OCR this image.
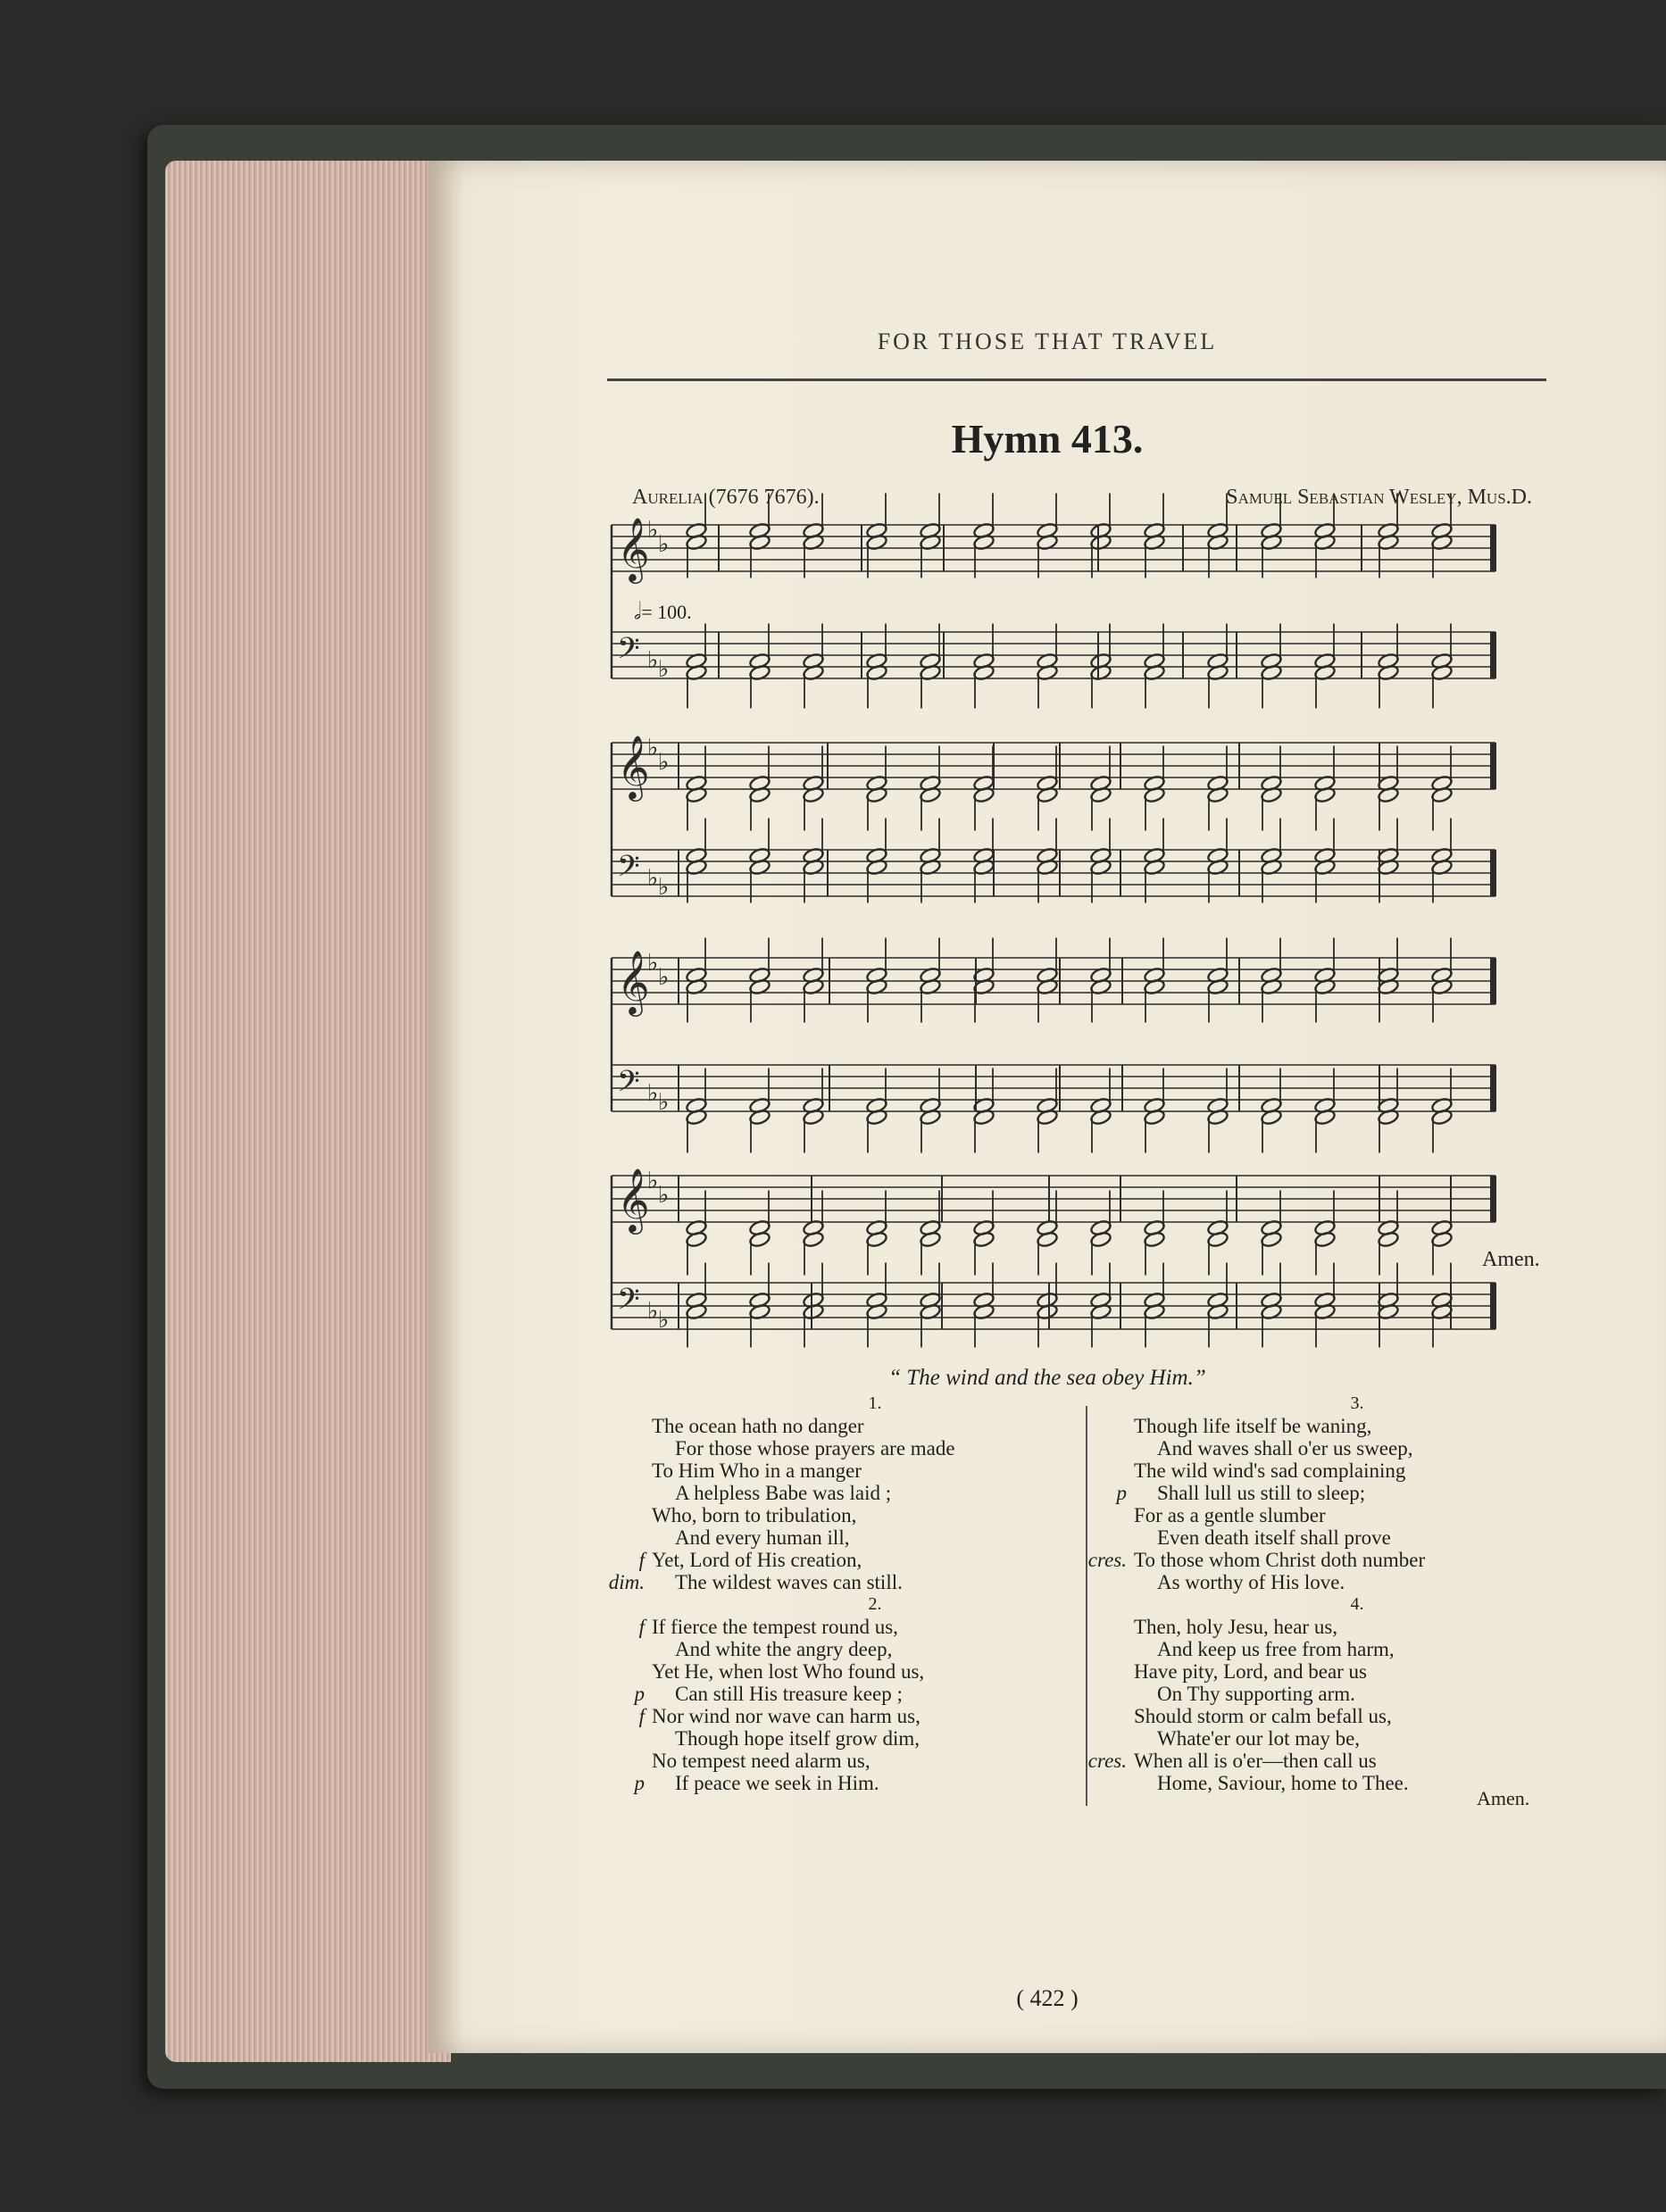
FOR THOSE THAT TRAVEL
Hymn 413.
Aurelia (7676 7676).	Samuel Sebastian Wesley, Mus.D.
𝄞
♭
♭
𝄢 ♭ ♭
𝄞
♭
♭
𝄢 ♭ ♭
𝄞
♭
♭
𝄢 ♭ ♭
𝄞
♭
♭
𝄢 ♭ ♭
𝅗𝅥= 100.
Amen.
“ The wind and the sea obey Him.”
1.
The ocean hath no danger
For those whose prayers are made
To Him Who in a manger
A helpless Babe was laid ;
Who, born to tribulation,
And every human ill,
Yet, Lord of His creation,
f
The wildest waves can still.
dim.
2.
If fierce the tempest round us,
f
And white the angry deep,
Yet He, when lost Who found us,
Can still His treasure keep ;
p
Nor wind nor wave can harm us,
f
Though hope itself grow dim,
No tempest need alarm us,
If peace we seek in Him.
p
3.
Though life itself be waning,
And waves shall o'er us sweep,
The wild wind's sad complaining
Shall lull us still to sleep;
p
For as a gentle slumber
Even death itself shall prove
To those whom Christ doth number
cres.
As worthy of His love.
4.
Then, holy Jesu, hear us,
And keep us free from harm,
Have pity, Lord, and bear us
On Thy supporting arm.
Should storm or calm befall us,
Whate'er our lot may be,
When all is o'er—then call us
cres.
Home, Saviour, home to Thee.
Amen.
( 422 )
